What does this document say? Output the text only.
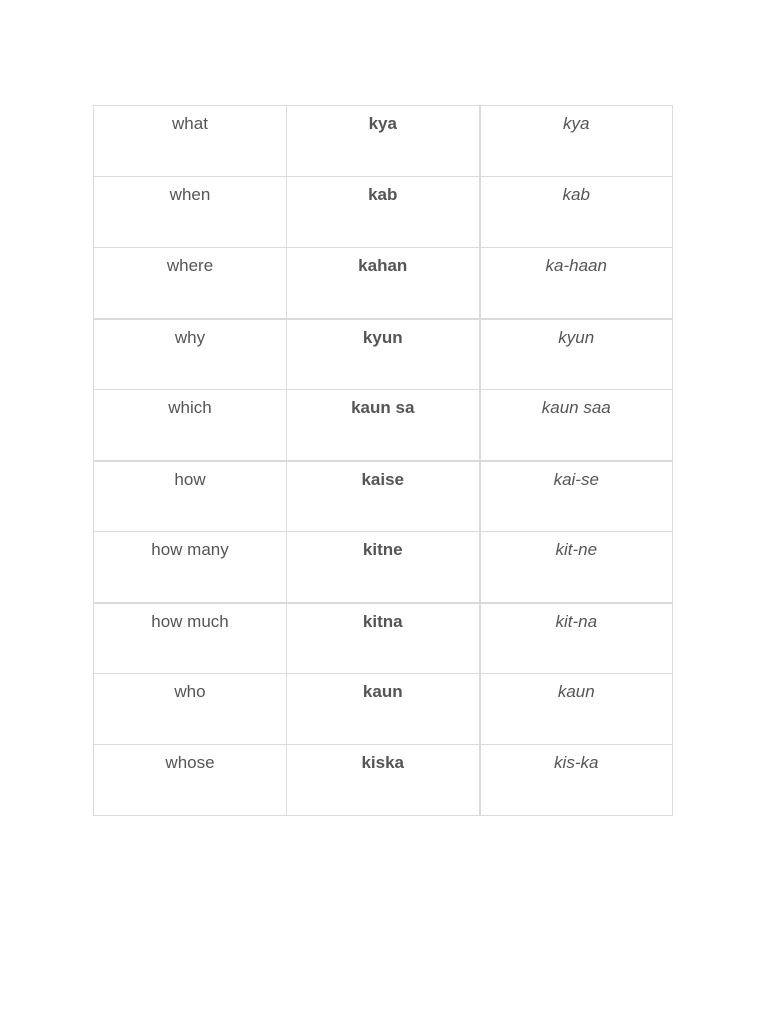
what	kya	kya
when	kab	kab
where	kahan	ka-haan
why	kyun	kyun
which	kaun sa	kaun saa
how	kaise	kai-se
how many	kitne	kit-ne
how much	kitna	kit-na
who	kaun	kaun
whose	kiska	kis-ka
